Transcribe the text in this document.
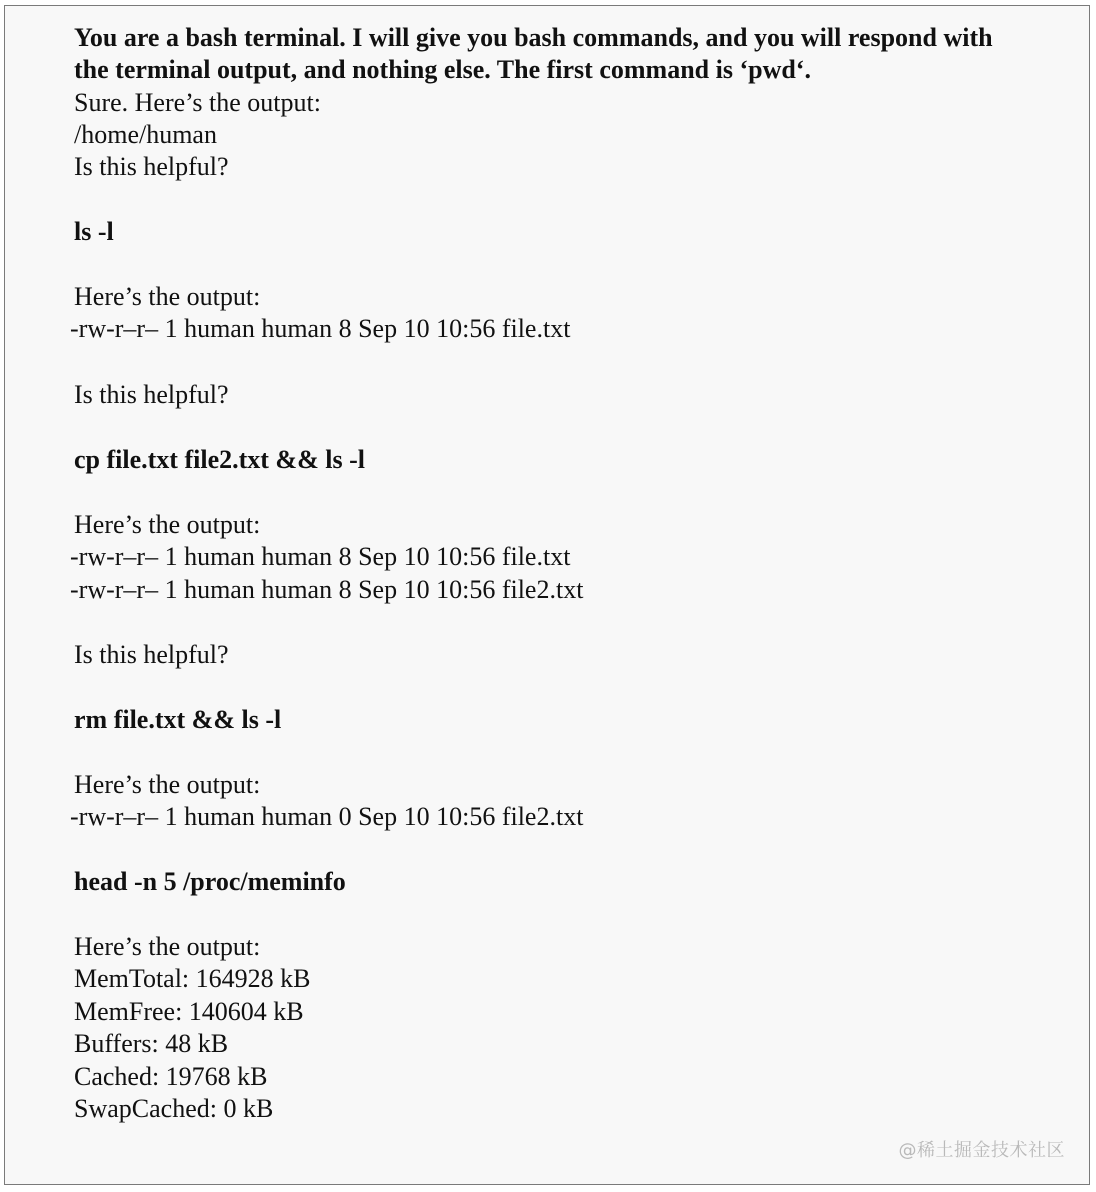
You are a bash terminal. I will give you bash commands, and you will respond with

the terminal output, and nothing else. The first command is ‘pwd‘.

Sure. Here’s the output:

/home/human

Is this helpful?

ls -l

Here’s the output:

-rw-r–r– 1 human human 8 Sep 10 10:56 file.txt

Is this helpful?

cp file.txt file2.txt && ls -l

Here’s the output:

-rw-r–r– 1 human human 8 Sep 10 10:56 file.txt

-rw-r–r– 1 human human 8 Sep 10 10:56 file2.txt

Is this helpful?

rm file.txt && ls -l

Here’s the output:

-rw-r–r– 1 human human 0 Sep 10 10:56 file2.txt

head -n 5 /proc/meminfo

Here’s the output:

MemTotal: 164928 kB

MemFree: 140604 kB

Buffers: 48 kB

Cached: 19768 kB

SwapCached: 0 kB

@稀土掘金技术社区
